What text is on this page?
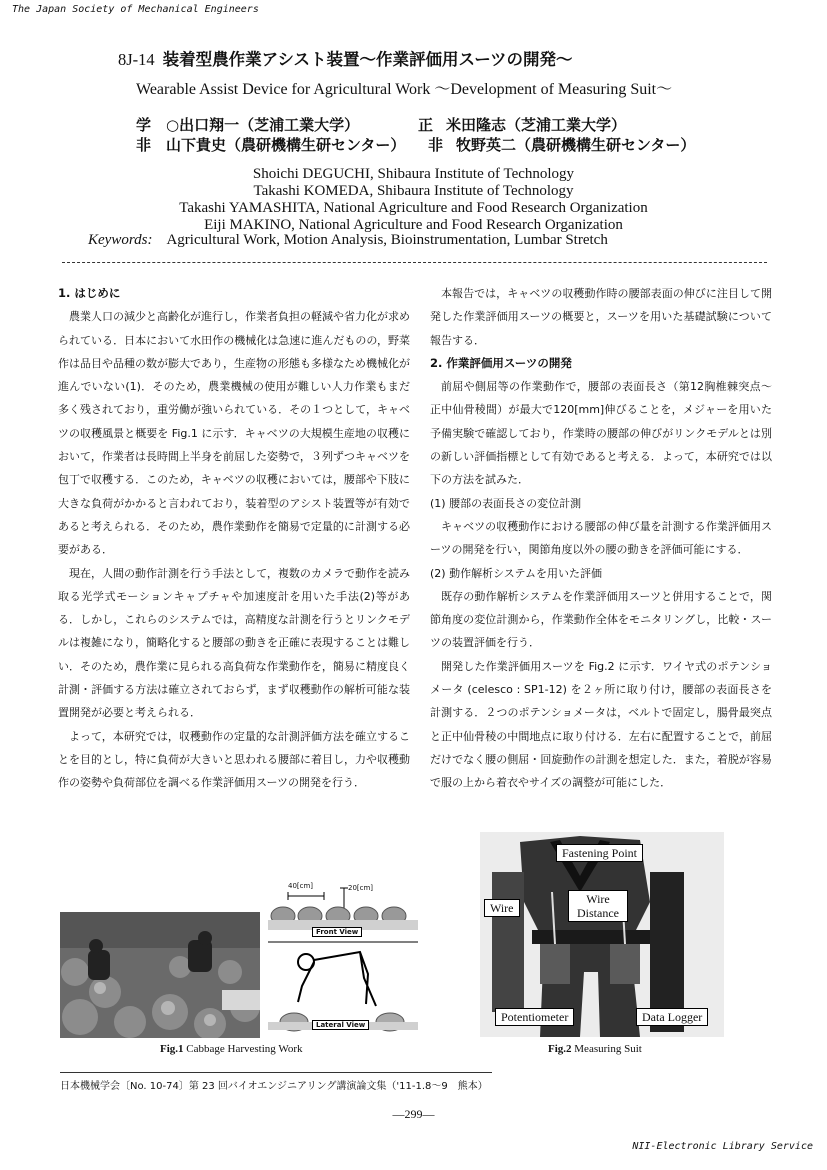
The Japan Society of Mechanical Engineers
8J-14 装着型農作業アシスト装置～作業評価用スーツの開発～
Wearable Assist Device for Agricultural Work ～Development of Measuring Suit～
学 ○出口翔一（芝浦工業大学）	正 米田隆志（芝浦工業大学）
非 山下貴史（農研機構生研センター） 非 牧野英二（農研機構生研センター）
Shoichi DEGUCHI, Shibaura Institute of Technology
Takashi KOMEDA, Shibaura Institute of Technology
Takashi YAMASHITA, National Agriculture and Food Research Organization
Eiji MAKINO, National Agriculture and Food Research Organization
Keywords: Agricultural Work, Motion Analysis, Bioinstrumentation, Lumbar Stretch
1. はじめに

農業人口の減少と高齢化が進行し，作業者負担の軽減や省力化が求められている．日本において水田作の機械化は急速に進んだものの，野菜作は品目や品種の数が膨大であり，生産物の形態も多様なため機械化が進んでいない(1)．そのため，農業機械の使用が難しい人力作業もまだ多く残されており，重労働が強いられている．その１つとして，キャベツの収穫風景と概要を Fig.1 に示す．キャベツの大規模生産地の収穫において，作業者は長時間上半身を前屈した姿勢で，３列ずつキャベツを包丁で収穫する．このため，キャベツの収穫においては，腰部や下肢に大きな負荷がかかると言われており，装着型のアシスト装置等が有効であると考えられる．そのため，農作業動作を簡易で定量的に計測する必要がある．

現在，人間の動作計測を行う手法として，複数のカメラで動作を読み取る光学式モーションキャプチャや加速度計を用いた手法(2)等がある．しかし，これらのシステムでは，高精度な計測を行うとリンクモデルは複雑になり，簡略化すると腰部の動きを正確に表現することは難しい．そのため，農作業に見られる高負荷な作業動作を，簡易に精度良く計測・評価する方法は確立されておらず，まず収穫動作の解析可能な装置開発が必要と考えられる．

よって，本研究では，収穫動作の定量的な計測評価方法を確立することを目的とし，特に負荷が大きいと思われる腰部に着目し，力や収穫動作の姿勢や負荷部位を調べる作業評価用スーツの開発を行う．

本報告では，キャベツの収穫動作時の腰部表面の伸びに注目して開発した作業評価用スーツの概要と，スーツを用いた基礎試験について報告する．

2. 作業評価用スーツの開発

前屈や側屈等の作業動作で，腰部の表面長さ（第12胸椎棘突点～正中仙骨稜間）が最大で120[mm]伸びることを，メジャーを用いた予備実験で確認しており，作業時の腰部の伸びがリンクモデルとは別の新しい評価指標として有効であると考える．よって，本研究では以下の方法を試みた．

(1) 腰部の表面長さの変位計測

キャベツの収穫動作における腰部の伸び量を計測する作業評価用スーツの開発を行い，関節角度以外の腰の動きを評価可能にする．

(2) 動作解析システムを用いた評価

既存の動作解析システムを作業評価用スーツと併用することで，関節角度の変位計測から，作業動作全体をモニタリングし，比較・スーツの装置評価を行う．

開発した作業評価用スーツを Fig.2 に示す．ワイヤ式のポテンショメータ (celesco : SP1-12) を２ヶ所に取り付け，腰部の表面長さを計測する．２つのポテンショメータは，ベルトで固定し，腸骨最突点と正中仙骨稜の中間地点に取り付ける．左右に配置することで，前屈だけでなく腰の側屈・回旋動作の計測を想定した．また，着脱が容易で服の上から着衣やサイズの調整が可能にした．

40[cm]	20[cm]
Front View
Lateral View
Fig.1 Cabbage Harvesting Work
Fastening Point
Wire
Wire Distance
Potentiometer	Data Logger
Fig.2 Measuring Suit
日本機械学会〔No. 10-74〕第 23 回バイオエンジニアリング講演論文集（'11-1.8～9　熊本）
―299―
NII-Electronic Library Service
